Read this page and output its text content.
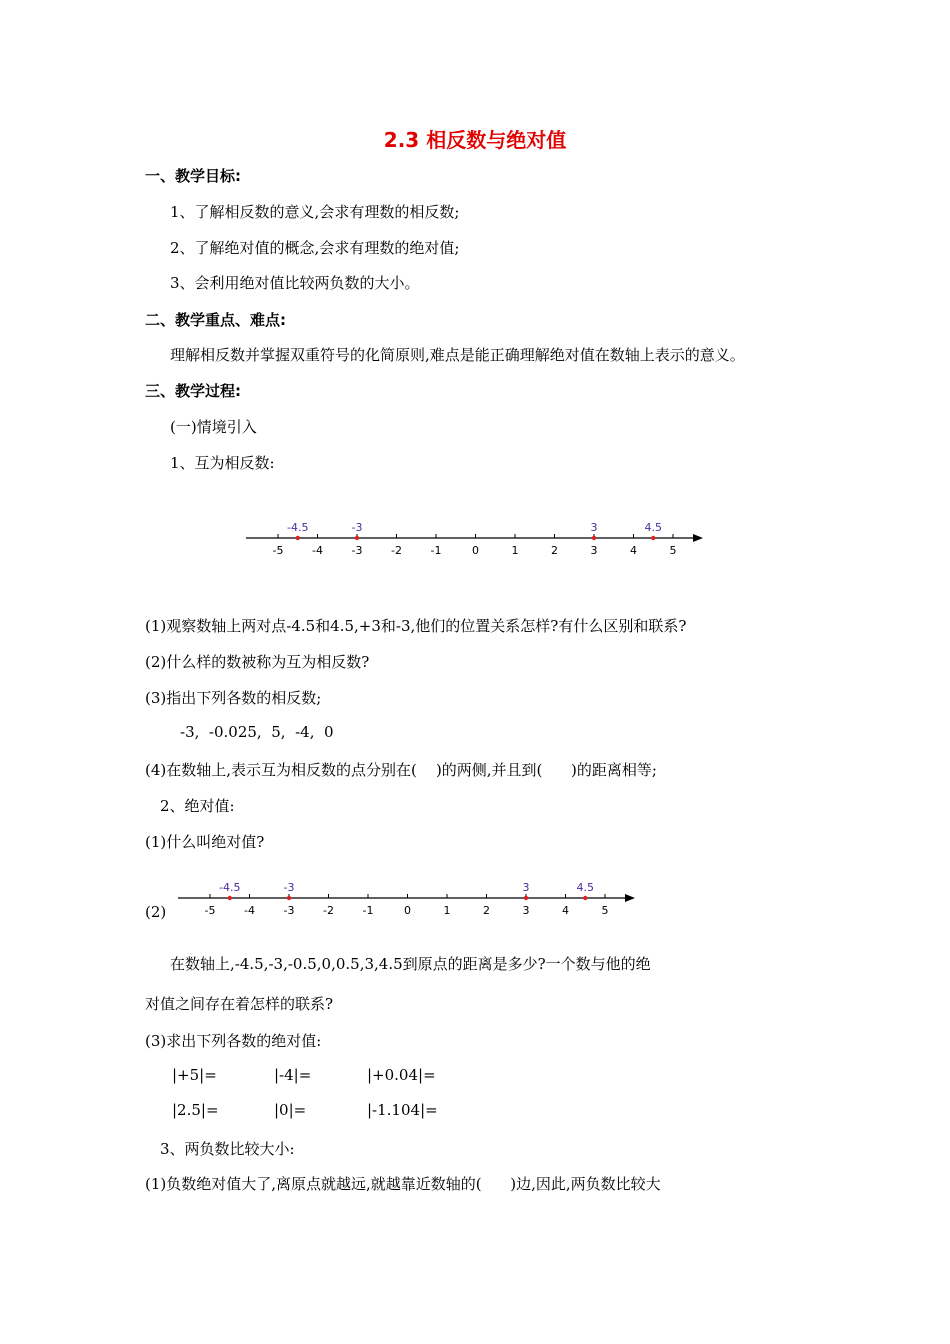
2.3 相反数与绝对值
一、教学目标:
1、了解相反数的意义,会求有理数的相反数;
2、了解绝对值的概念,会求有理数的绝对值;
3、会利用绝对值比较两负数的大小。
二、教学重点、难点:
理解相反数并掌握双重符号的化简原则,难点是能正确理解绝对值在数轴上表示的意义。
三、教学过程:
(一)情境引入
1、互为相反数:
-5	-4	-3	-2	-1	0	1	2	3	4	5
-4.5	-3	3	4.5
(1)观察数轴上两对点-4.5和4.5,+3和-3,他们的位置关系怎样?有什么区别和联系?
(2)什么样的数被称为互为相反数?
(3)指出下列各数的相反数;
-3,  -0.025,  5,  -4,  0
(4)在数轴上,表示互为相反数的点分别在(    )的两侧,并且到(      )的距离相等;
2、绝对值:
(1)什么叫绝对值?
(2)	-5	-4	-3	-2	-1	0	1	2	3	4	5
-4.5	-3	3	4.5
在数轴上,-4.5,-3,-0.5,0,0.5,3,4.5到原点的距离是多少?一个数与他的绝
对值之间存在着怎样的联系?
(3)求出下列各数的绝对值:
|+5|=	|-4|=	|+0.04|=
|2.5|=	|0|=	|-1.104|=
3、两负数比较大小:
(1)负数绝对值大了,离原点就越远,就越靠近数轴的(      )边,因此,两负数比较大
